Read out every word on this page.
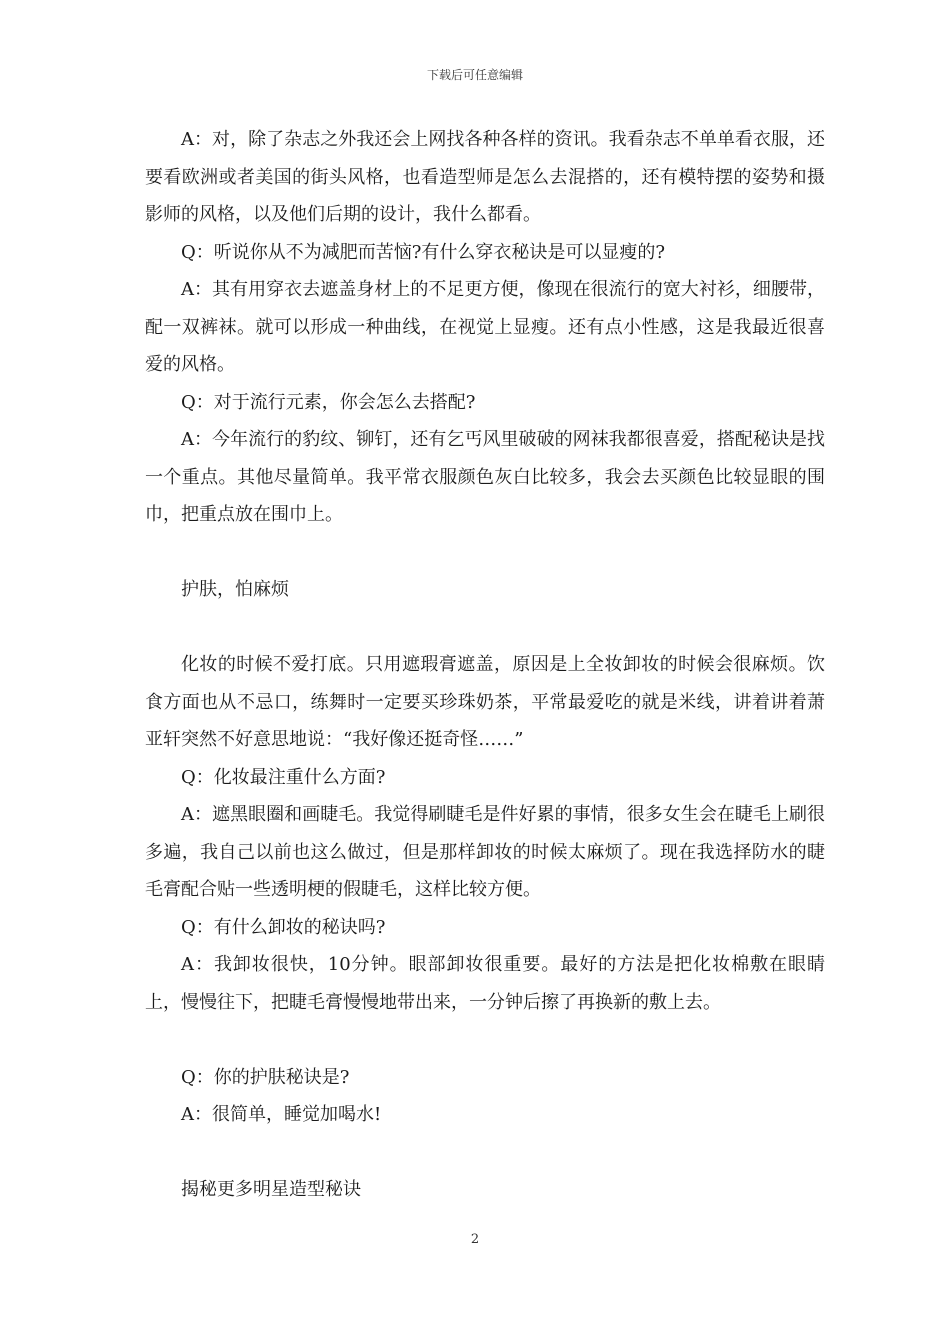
下载后可任意编辑

A：对，除了杂志之外我还会上网找各种各样的资讯。我看杂志不单单看衣服，还要看欧洲或者美国的街头风格，也看造型师是怎么去混搭的，还有模特摆的姿势和摄影师的风格，以及他们后期的设计，我什么都看。

Q：听说你从不为减肥而苦恼?有什么穿衣秘诀是可以显瘦的?

A：其有用穿衣去遮盖身材上的不足更方便，像现在很流行的宽大衬衫，细腰带，配一双裤袜。就可以形成一种曲线，在视觉上显瘦。还有点小性感，这是我最近很喜爱的风格。

Q：对于流行元素，你会怎么去搭配?

A：今年流行的豹纹、铆钉，还有乞丐风里破破的网袜我都很喜爱，搭配秘诀是找一个重点。其他尽量简单。我平常衣服颜色灰白比较多，我会去买颜色比较显眼的围巾，把重点放在围巾上。

护肤，怕麻烦

化妆的时候不爱打底。只用遮瑕膏遮盖，原因是上全妆卸妆的时候会很麻烦。饮食方面也从不忌口，练舞时一定要买珍珠奶茶，平常最爱吃的就是米线，讲着讲着萧亚轩突然不好意思地说：“我好像还挺奇怪……”

Q：化妆最注重什么方面?

A：遮黑眼圈和画睫毛。我觉得刷睫毛是件好累的事情，很多女生会在睫毛上刷很多遍，我自己以前也这么做过，但是那样卸妆的时候太麻烦了。现在我选择防水的睫毛膏配合贴一些透明梗的假睫毛，这样比较方便。

Q：有什么卸妆的秘诀吗?

A：我卸妆很快，10分钟。眼部卸妆很重要。最好的方法是把化妆棉敷在眼睛上，慢慢往下，把睫毛膏慢慢地带出来，一分钟后擦了再换新的敷上去。

Q：你的护肤秘诀是?

A：很简单，睡觉加喝水!

揭秘更多明星造型秘诀

2
